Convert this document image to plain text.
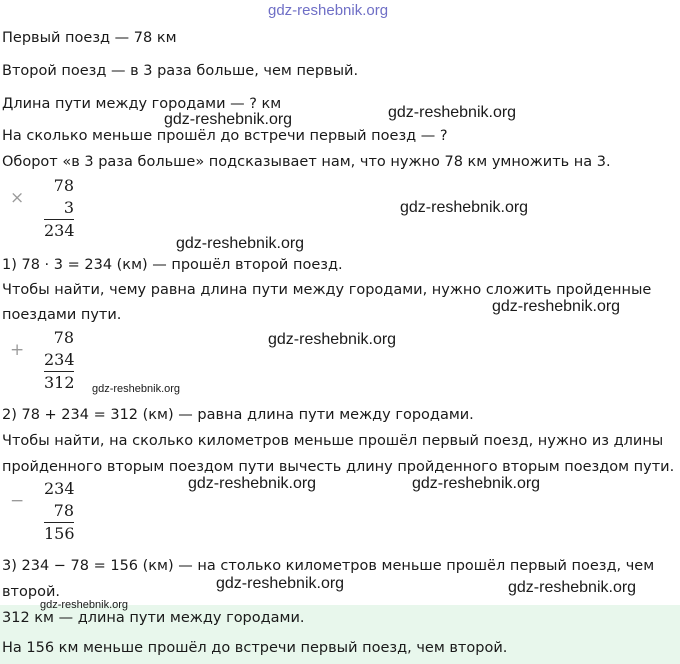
gdz-reshebnik.org
gdz-reshebnik.org
gdz-reshebnik.org
gdz-reshebnik.org
gdz-reshebnik.org
gdz-reshebnik.org
gdz-reshebnik.org
gdz-reshebnik.org
gdz-reshebnik.org	gdz-reshebnik.org
gdz-reshebnik.org	gdz-reshebnik.org
gdz-reshebnik.org
Первый поезд — 78 км
Второй поезд — в 3 раза больше, чем первый.
Длина пути между городами — ? км
На сколько меньше прошёл до встречи первый поезд — ?
Оборот «в 3 раза больше» подсказывает нам, что нужно 78 км умножить на 3.
×
78
3
234
1) 78 · 3 = 234 (км) — прошёл второй поезд.
Чтобы найти, чему равна длина пути между городами, нужно сложить пройденные
поездами пути.
+
78
234
312
2) 78 + 234 = 312 (км) — равна длина пути между городами.
Чтобы найти, на сколько километров меньше прошёл первый поезд, нужно из длины
пройденного вторым поездом пути вычесть длину пройденного вторым поездом пути.
−
234
78
156
3) 234 − 78 = 156 (км) — на столько километров меньше прошёл первый поезд, чем
второй.
312 км — длина пути между городами.
На 156 км меньше прошёл до встречи первый поезд, чем второй.
